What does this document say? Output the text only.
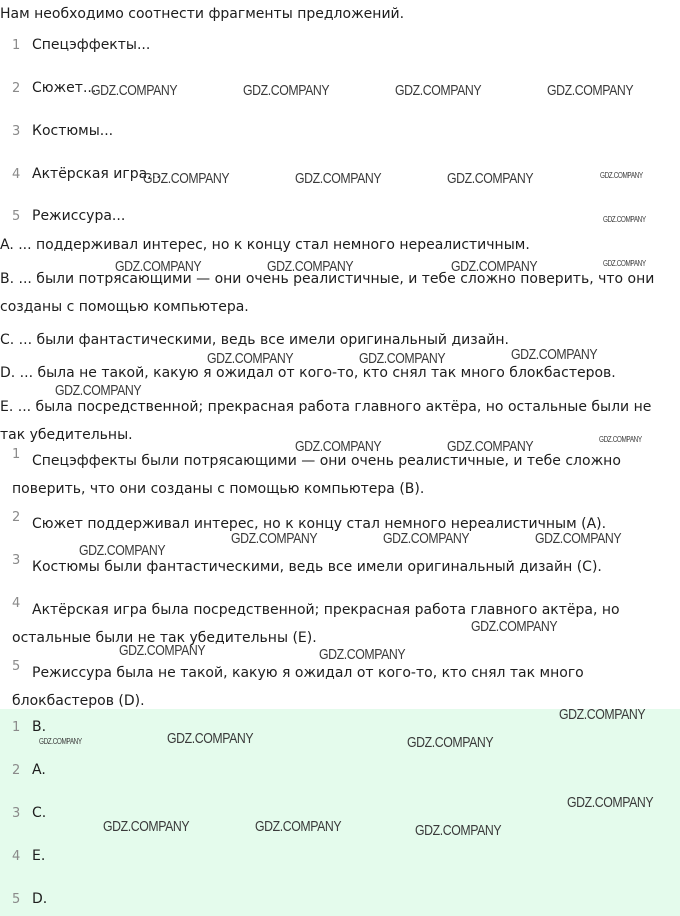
Нам необходимо соотнести фрагменты предложений.
1 Спецэффекты...
2 Сюжет...
3 Костюмы...
4 Актёрская игра...
5 Режиссура...
A. ... поддерживал интерес, но к концу стал немного нереалистичным.
B. ... были потрясающими — они очень реалистичные, и тебе сложно поверить, что они созданы с помощью компьютера.
C. ... были фантастическими, ведь все имели оригинальный дизайн.
D. ... была не такой, какую я ожидал от кого-то, кто снял так много блокбастеров.
E. ... была посредственной; прекрасная работа главного актёра, но остальные были не так убедительны.
1 Спецэффекты были потрясающими — они очень реалистичные, и тебе сложно поверить, что они созданы с помощью компьютера (B).
2 Сюжет поддерживал интерес, но к концу стал немного нереалистичным (A).
3 Костюмы были фантастическими, ведь все имели оригинальный дизайн (C).
4 Актёрская игра была посредственной; прекрасная работа главного актёра, но остальные были не так убедительны (E).
5 Режиссура была не такой, какую я ожидал от кого-то, кто снял так много блокбастеров (D).
1 B.
2 A.
3 C.
4 E.
5 D.
GDZ.COMPANY	GDZ.COMPANY	GDZ.COMPANY	GDZ.COMPANY
GDZ.COMPANY	GDZ.COMPANY	GDZ.COMPANY	GDZ.COMPANY
GDZ.COMPANY
GDZ.COMPANY	GDZ.COMPANY	GDZ.COMPANY	GDZ.COMPANY
GDZ.COMPANY	GDZ.COMPANY	GDZ.COMPANY
GDZ.COMPANY
GDZ.COMPANY	GDZ.COMPANY	GDZ.COMPANY
GDZ.COMPANY	GDZ.COMPANY	GDZ.COMPANY
GDZ.COMPANY
GDZ.COMPANY
GDZ.COMPANY	GDZ.COMPANY
GDZ.COMPANY
GDZ.COMPANY	GDZ.COMPANY	GDZ.COMPANY
GDZ.COMPANY
GDZ.COMPANY	GDZ.COMPANY	GDZ.COMPANY
